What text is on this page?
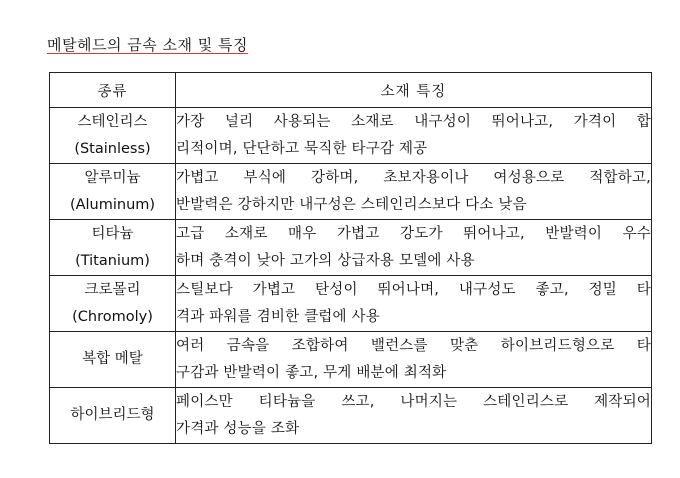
메탈헤드의 금속 소재 및 특징
종류	소재 특징

스테인리스
(Stainless)	가장 널리 사용되는 소재로 내구성이 뛰어나고, 가격이 합
리적이며, 단단하고 묵직한 타구감 제공

알루미늄
(Aluminum)	가볍고 부식에 강하며, 초보자용이나 여성용으로 적합하고,
반발력은 강하지만 내구성은 스테인리스보다 다소 낮음

티타늄
(Titanium)	고급 소재로 매우 가볍고 강도가 뛰어나고, 반발력이 우수
하며 충격이 낮아 고가의 상급자용 모델에 사용

크로몰리
(Chromoly)	스틸보다 가볍고 탄성이 뛰어나며, 내구성도 좋고, 정밀 타
격과 파워를 겸비한 클럽에 사용

복합 메탈	여러 금속을 조합하여 밸런스를 맞춘 하이브리드형으로 타
구감과 반발력이 좋고, 무게 배분에 최적화

하이브리드형	페이스만 티타늄을 쓰고, 나머지는 스테인리스로 제작되어
가격과 성능을 조화
